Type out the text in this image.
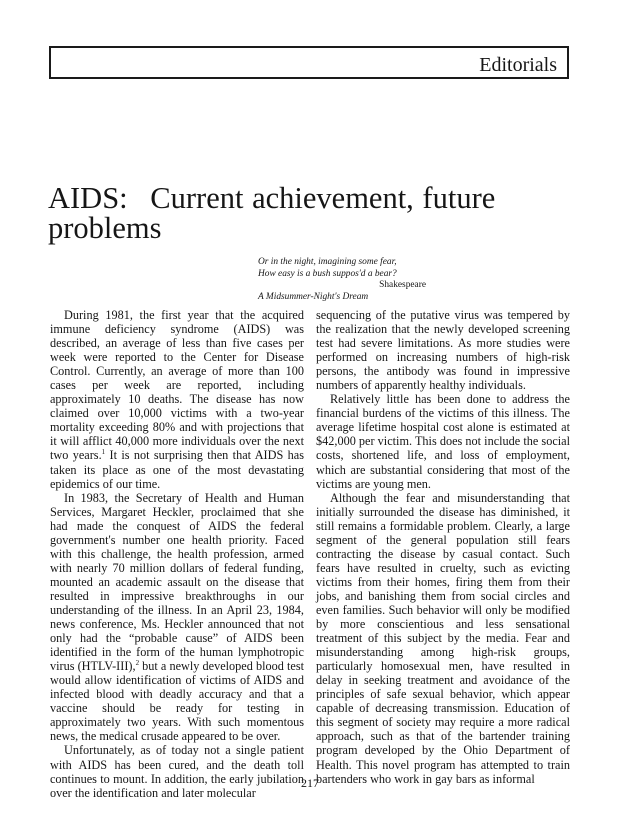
Editorials
AIDS: Current achievement, future problems
Or in the night, imagining some fear,
How easy is a bush suppos'd a bear?
Shakespeare
A Midsummer-Night's Dream

During 1981, the first year that the acquired immune deficiency syndrome (AIDS) was described, an average of less than five cases per week were reported to the Center for Disease Control. Currently, an average of more than 100 cases per week are reported, including approximately 10 deaths. The disease has now claimed over 10,000 victims with a two-year mortality exceeding 80% and with projections that it will afflict 40,000 more individuals over the next two years.$^1$ It is not surprising then that AIDS has taken its place as one of the most devastating epidemics of our time.

In 1983, the Secretary of Health and Human Services, Margaret Heckler, proclaimed that she had made the conquest of AIDS the federal government's number one health priority. Faced with this challenge, the health profession, armed with nearly 70 million dollars of federal funding, mounted an academic assault on the disease that resulted in impressive breakthroughs in our understanding of the illness. In an April 23, 1984, news conference, Ms. Heckler announced that not only had the “probable cause” of AIDS been identified in the form of the human lymphotropic virus (HTLV-III),$^2$ but a newly developed blood test would allow identification of victims of AIDS and infected blood with deadly accuracy and that a vaccine should be ready for testing in approximately two years. With such momentous news, the medical crusade appeared to be over.

Unfortunately, as of today not a single patient with AIDS has been cured, and the death toll continues to mount. In addition, the early jubilation over the identification and later molecular

sequencing of the putative virus was tempered by the realization that the newly developed screening test had severe limitations. As more studies were performed on increasing numbers of high-risk persons, the antibody was found in impressive numbers of apparently healthy individuals.

Relatively little has been done to address the financial burdens of the victims of this illness. The average lifetime hospital cost alone is estimated at $42,000 per victim. This does not include the social costs, shortened life, and loss of employment, which are substantial considering that most of the victims are young men.

Although the fear and misunderstanding that initially surrounded the disease has diminished, it still remains a formidable problem. Clearly, a large segment of the general population still fears contracting the disease by casual contact. Such fears have resulted in cruelty, such as evicting victims from their homes, firing them from their jobs, and banishing them from social circles and even families. Such behavior will only be modified by more conscientious and less sensational treatment of this subject by the media. Fear and misunderstanding among high-risk groups, particularly homosexual men, have resulted in delay in seeking treatment and avoidance of the principles of safe sexual behavior, which appear capable of decreasing transmission. Education of this segment of society may require a more radical approach, such as that of the bartender training program developed by the Ohio Department of Health. This novel program has attempted to train bartenders who work in gay bars as informal

217
